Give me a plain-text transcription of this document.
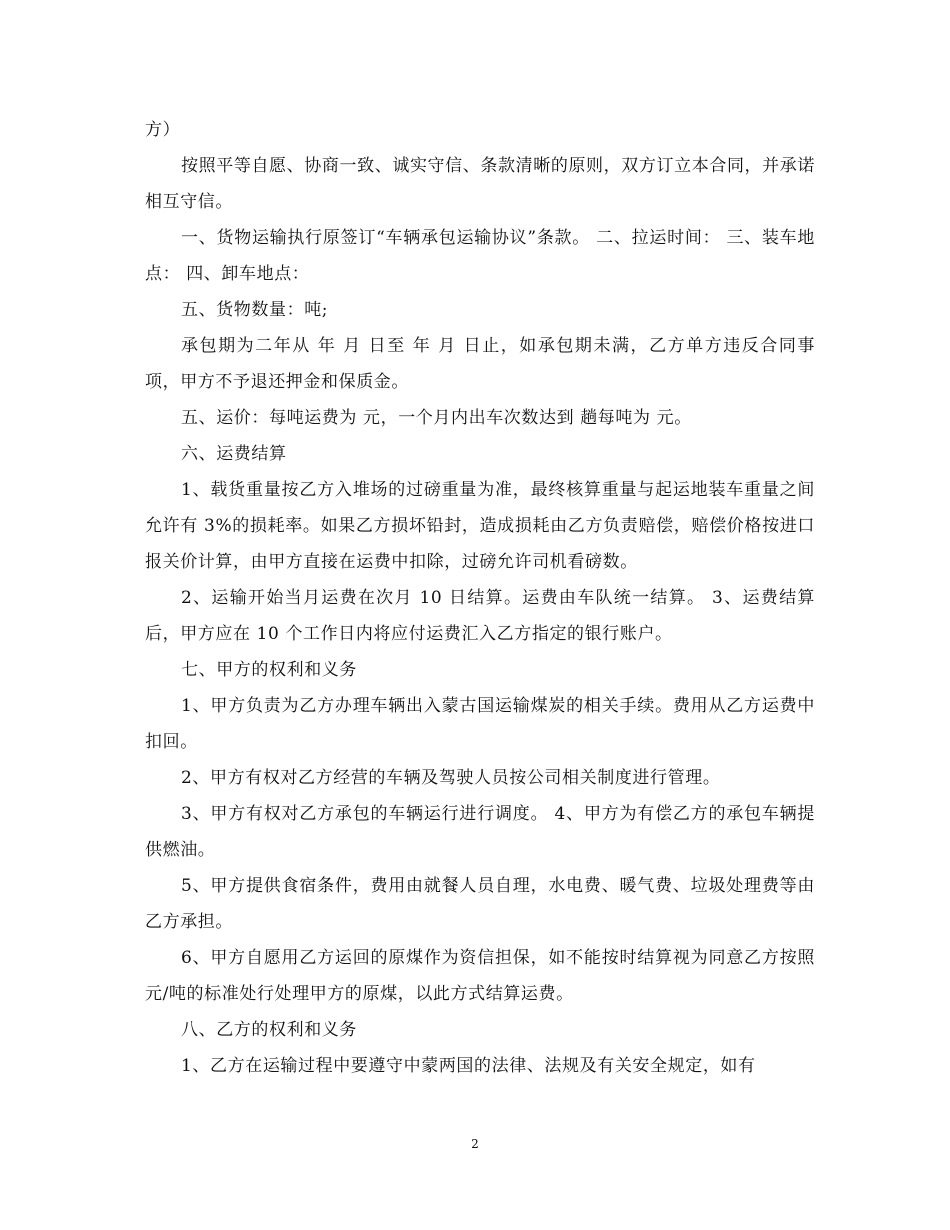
方）

按照平等自愿、协商一致、诚实守信、条款清晰的原则，双方订立本合同，并承诺相互守信。

一、货物运输执行原签订“车辆承包运输协议”条款。 二、拉运时间： 三、装车地点： 四、卸车地点：

五、货物数量：吨;

承包期为二年从 年 月 日至 年 月 日止，如承包期未满，乙方单方违反合同事项，甲方不予退还押金和保质金。

五、运价：每吨运费为 元，一个月内出车次数达到 趟每吨为 元。

六、运费结算

1、载货重量按乙方入堆场的过磅重量为准，最终核算重量与起运地装车重量之间允许有 3%的损耗率。如果乙方损坏铅封，造成损耗由乙方负责赔偿，赔偿价格按进口报关价计算，由甲方直接在运费中扣除，过磅允许司机看磅数。

2、运输开始当月运费在次月 10 日结算。运费由车队统一结算。 3、运费结算后，甲方应在 10 个工作日内将应付运费汇入乙方指定的银行账户。

七、甲方的权利和义务

1、甲方负责为乙方办理车辆出入蒙古国运输煤炭的相关手续。费用从乙方运费中扣回。

2、甲方有权对乙方经营的车辆及驾驶人员按公司相关制度进行管理。

3、甲方有权对乙方承包的车辆运行进行调度。 4、甲方为有偿乙方的承包车辆提供燃油。

5、甲方提供食宿条件，费用由就餐人员自理，水电费、暖气费、垃圾处理费等由乙方承担。

6、甲方自愿用乙方运回的原煤作为资信担保，如不能按时结算视为同意乙方按照 元/吨的标准处行处理甲方的原煤，以此方式结算运费。

八、乙方的权利和义务

1、乙方在运输过程中要遵守中蒙两国的法律、法规及有关安全规定，如有

2
